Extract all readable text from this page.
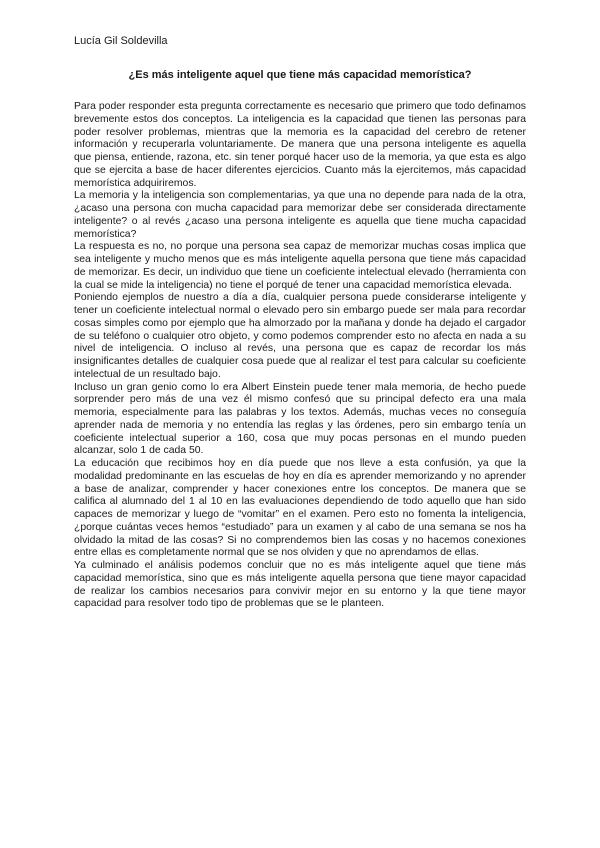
Lucía Gil Soldevilla

¿Es más inteligente aquel que tiene más capacidad memorística?

Para poder responder esta pregunta correctamente es necesario que primero que todo definamos brevemente estos dos conceptos. La inteligencia es la capacidad que tienen las personas para poder resolver problemas, mientras que la memoria es la capacidad del cerebro de retener información y recuperarla voluntariamente. De manera que una persona inteligente es aquella que piensa, entiende, razona, etc. sin tener porqué hacer uso de la memoria, ya que esta es algo que se ejercita a base de hacer diferentes ejercicios. Cuanto más la ejercitemos, más capacidad memorística adquiriremos.

La memoria y la inteligencia son complementarias, ya que una no depende para nada de la otra, ¿acaso una persona con mucha capacidad para memorizar debe ser considerada directamente inteligente? o al revés ¿acaso una persona inteligente es aquella que tiene mucha capacidad memorística?

La respuesta es no, no porque una persona sea capaz de memorizar muchas cosas implica que sea inteligente y mucho menos que es más inteligente aquella persona que tiene más capacidad de memorizar. Es decir, un individuo que tiene un coeficiente intelectual elevado (herramienta con la cual se mide la inteligencia) no tiene el porqué de tener una capacidad memorística elevada.

Poniendo ejemplos de nuestro a día a día, cualquier persona puede considerarse inteligente y tener un coeficiente intelectual normal o elevado pero sin embargo puede ser mala para recordar cosas simples como por ejemplo que ha almorzado por la mañana y donde ha dejado el cargador de su teléfono o cualquier otro objeto, y como podemos comprender esto no afecta en nada a su nivel de inteligencia. O incluso al revés, una persona que es capaz de recordar los más insignificantes detalles de cualquier cosa puede que al realizar el test para calcular su coeficiente intelectual de un resultado bajo.

Incluso un gran genio como lo era Albert Einstein puede tener mala memoria, de hecho puede sorprender pero más de una vez él mismo confesó que su principal defecto era una mala memoria, especialmente para las palabras y los textos. Además, muchas veces no conseguía aprender nada de memoria y no entendía las reglas y las órdenes, pero sin embargo tenía un coeficiente intelectual superior a 160, cosa que muy pocas personas en el mundo pueden alcanzar, solo 1 de cada 50.

La educación que recibimos hoy en día puede que nos lleve a esta confusión, ya que la modalidad predominante en las escuelas de hoy en día es aprender memorizando y no aprender a base de analizar, comprender y hacer conexiones entre los conceptos. De manera que se califica al alumnado del 1 al 10 en las evaluaciones dependiendo de todo aquello que han sido capaces de memorizar y luego de “vomitar” en el examen. Pero esto no fomenta la inteligencia, ¿porque cuántas veces hemos “estudiado” para un examen y al cabo de una semana se nos ha olvidado la mitad de las cosas? Si no comprendemos bien las cosas y no hacemos conexiones entre ellas es completamente normal que se nos olviden y que no aprendamos de ellas.

Ya culminado el análisis podemos concluir que no es más inteligente aquel que tiene más capacidad memorística, sino que es más inteligente aquella persona que tiene mayor capacidad de realizar los cambios necesarios para convivir mejor en su entorno y la que tiene mayor capacidad para resolver todo tipo de problemas que se le planteen.
